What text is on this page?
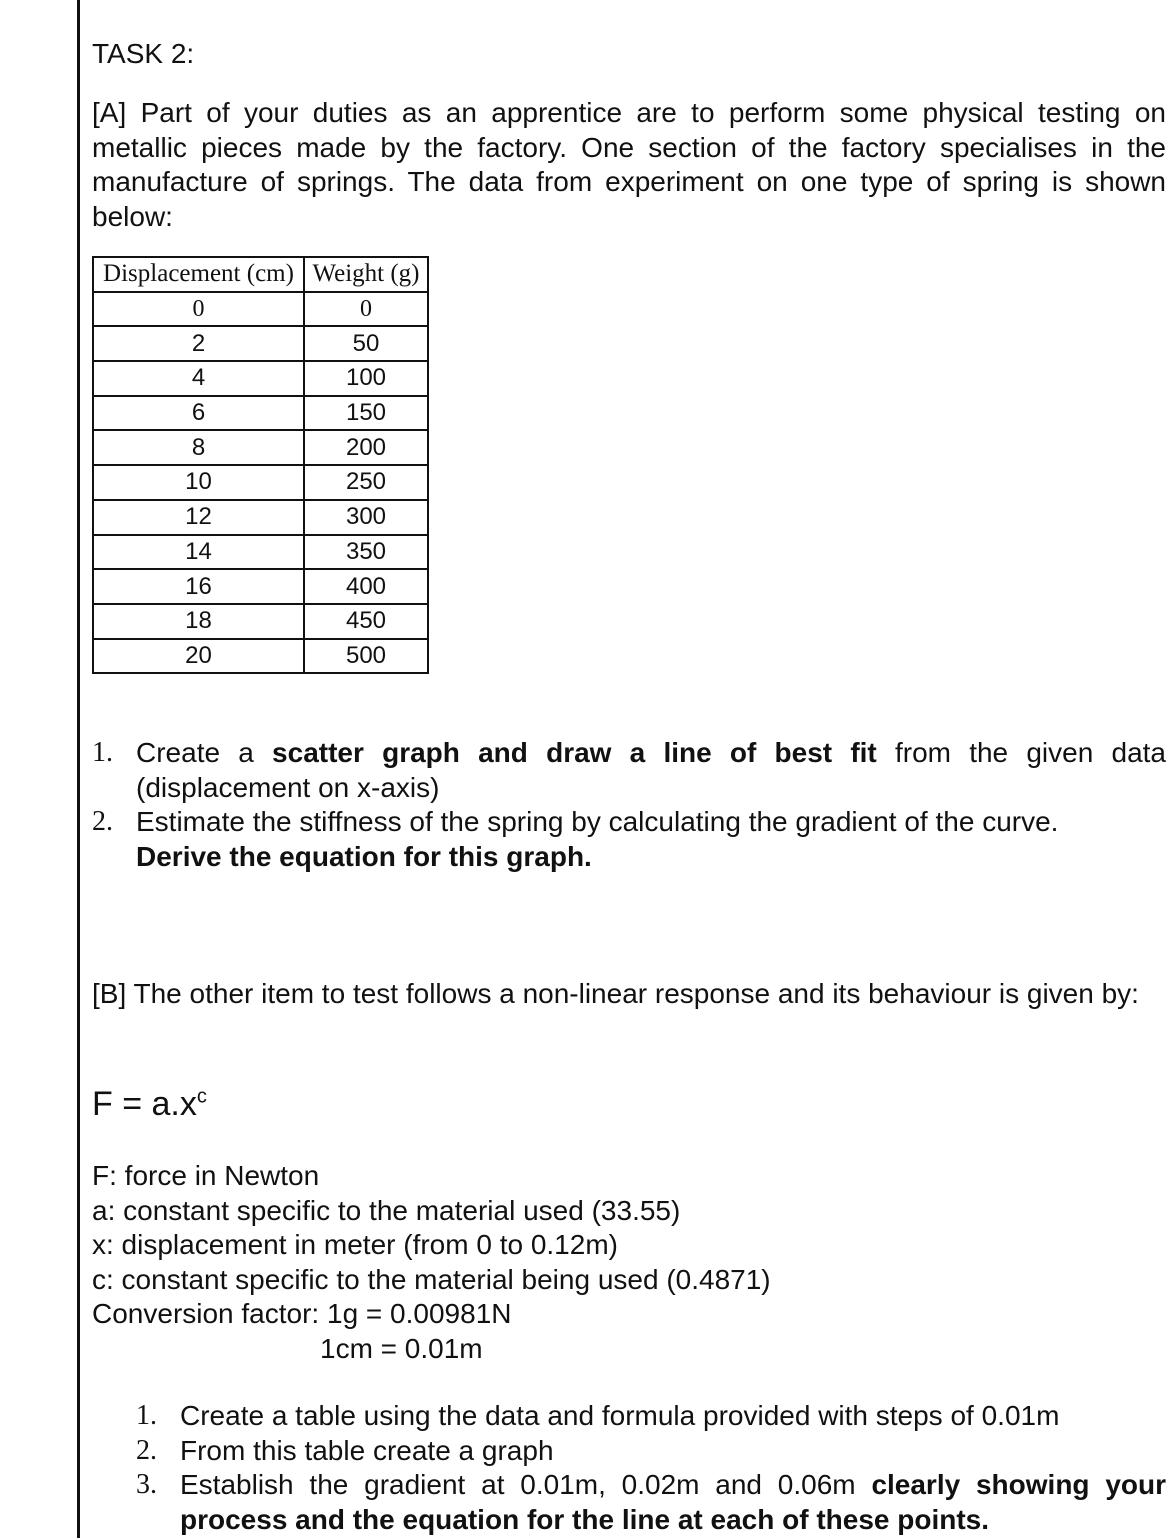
TASK 2:
[A] Part of your duties as an apprentice are to perform some physical testing on metallic pieces made by the factory. One section of the factory specialises in the manufacture of springs. The data from experiment on one type of spring is shown below:
Displacement (cm)	Weight (g)
0	0
2	50
4	100
6	150
8	200
10	250
12	300
14	350
16	400
18	450
20	500
1. Create a scatter graph and draw a line of best fit from the given data (displacement on x-axis)
2. Estimate the stiffness of the spring by calculating the gradient of the curve.
Derive the equation for this graph.
[B] The other item to test follows a non-linear response and its behaviour is given by:
$F = a.x^c$
F: force in Newton
a: constant specific to the material used (33.55)
x: displacement in meter (from 0 to 0.12m)
c: constant specific to the material being used (0.4871)
Conversion factor: 1g = 0.00981N
1cm = 0.01m
1. Create a table using the data and formula provided with steps of 0.01m
2. From this table create a graph
3. Establish the gradient at 0.01m, 0.02m and 0.06m clearly showing your process and the equation for the line at each of these points.
